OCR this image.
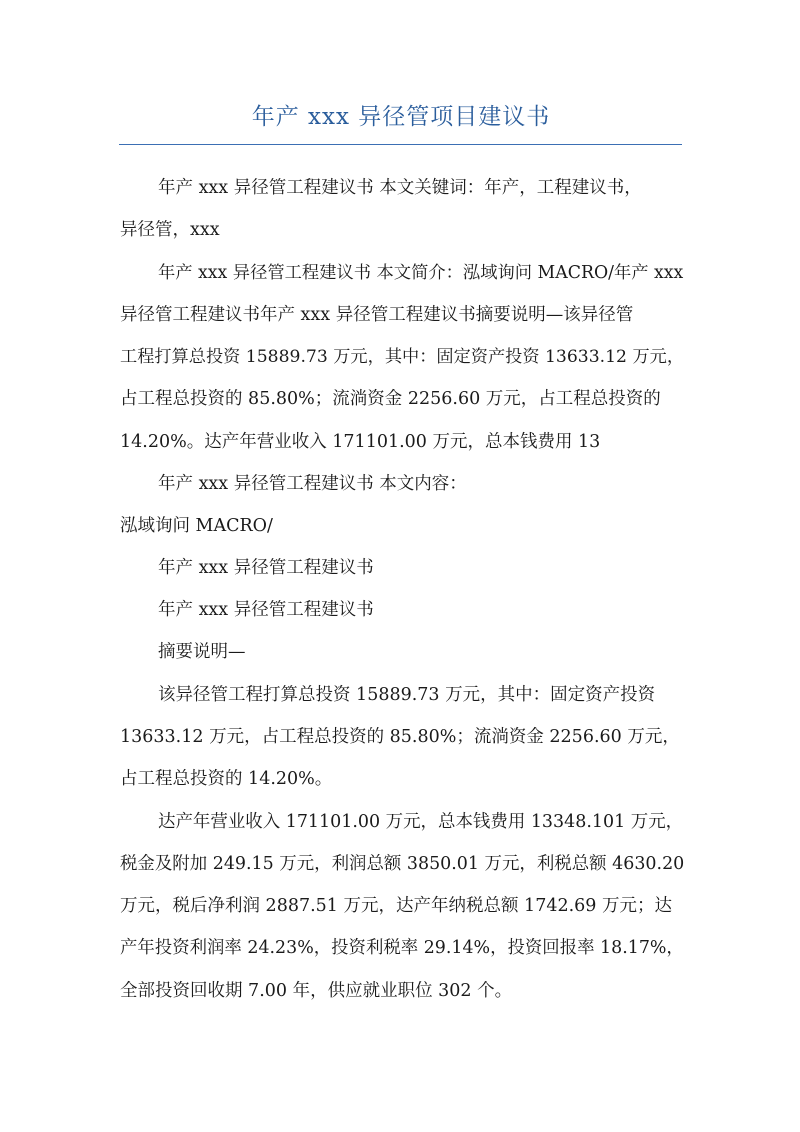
年产 xxx 异径管项目建议书
年产 xxx 异径管工程建议书 本文关键词：年产，工程建议书，
异径管，xxx
年产 xxx 异径管工程建议书 本文简介：泓域询问 MACRO/年产 xxx
异径管工程建议书年产 xxx 异径管工程建议书摘要说明—该异径管
工程打算总投资 15889.73 万元，其中：固定资产投资 13633.12 万元，
占工程总投资的 85.80%；流淌资金 2256.60 万元，占工程总投资的
14.20%。达产年营业收入 171101.00 万元，总本钱费用 13
年产 xxx 异径管工程建议书 本文内容：
泓域询问 MACRO/
年产 xxx 异径管工程建议书
年产 xxx 异径管工程建议书
摘要说明—
该异径管工程打算总投资 15889.73 万元，其中：固定资产投资
13633.12 万元，占工程总投资的 85.80%；流淌资金 2256.60 万元，
占工程总投资的 14.20%。
达产年营业收入 171101.00 万元，总本钱费用 13348.101 万元，
税金及附加 249.15 万元，利润总额 3850.01 万元，利税总额 4630.20
万元，税后净利润 2887.51 万元，达产年纳税总额 1742.69 万元；达
产年投资利润率 24.23%，投资利税率 29.14%，投资回报率 18.17%，
全部投资回收期 7.00 年，供应就业职位 302 个。
